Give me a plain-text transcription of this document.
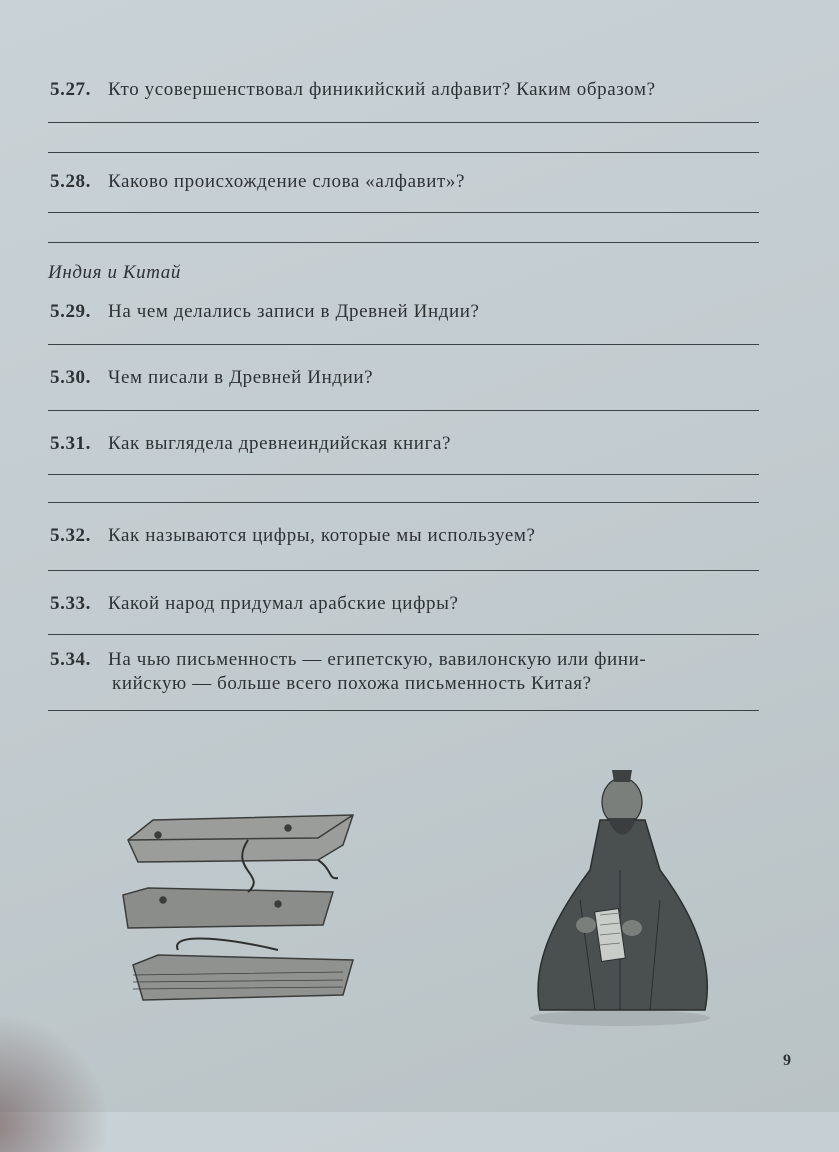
5.27. Кто усовершенствовал финикийский алфавит? Каким образом?
5.28. Каково происхождение слова «алфавит»?
Индия и Китай
5.29. На чем делались записи в Древней Индии?
5.30. Чем писали в Древней Индии?
5.31. Как выглядела древнеиндийская книга?
5.32. Как называются цифры, которые мы используем?
5.33. Какой народ придумал арабские цифры?
5.34. На чью письменность — египетскую, вавилонскую или фини-
кийскую — больше всего похожа письменность Китая?
9
